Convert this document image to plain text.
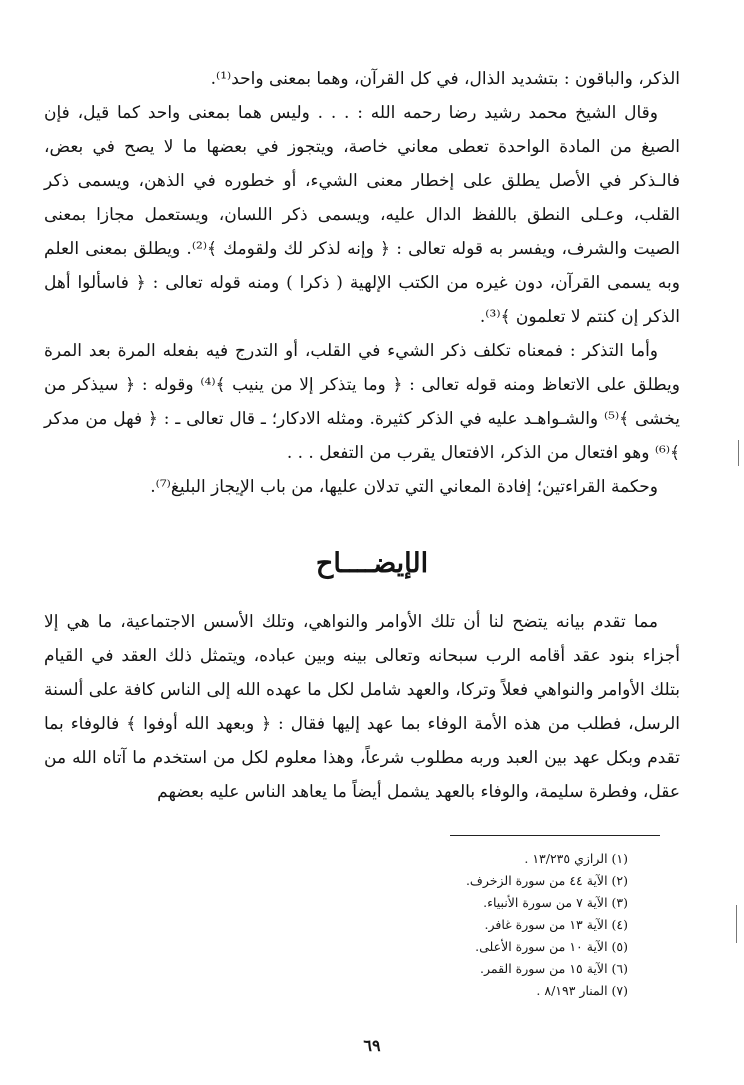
الذكر، والباقون : بتشديد الذال، في كل القرآن، وهما بمعنى واحد⁽¹⁾.

وقال الشيخ محمد رشيد رضا رحمه الله : . . . وليس هما بمعنى واحد كما قيل، فإن الصيغ من المادة الواحدة تعطى معاني خاصة، ويتجوز في بعضها ما لا يصح في بعض، فالـذكر في الأصل يطلق على إخطار معنى الشيء، أو خطوره في الذهن، ويسمى ذكر القلب، وعـلى النطق باللفظ الدال عليه، ويسمى ذكر اللسان، ويستعمل مجازا بمعنى الصيت والشرف، ويفسر به قوله تعالى : ﴿ وإنه لذكر لك ولقومك ﴾⁽²⁾. ويطلق بمعنى العلم وبه يسمى القرآن، دون غيره من الكتب الإلهية ( ذكرا ) ومنه قوله تعالى : ﴿ فاسألوا أهل الذكر إن كنتم لا تعلمون ﴾⁽³⁾.

وأما التذكر : فمعناه تكلف ذكر الشيء في القلب، أو التدرج فيه بفعله المرة بعد المرة ويطلق على الاتعاظ ومنه قوله تعالى : ﴿ وما يتذكر إلا من ينيب ﴾⁽⁴⁾ وقوله : ﴿ سيذكر من يخشى ﴾⁽⁵⁾ والشـواهـد عليه في الذكر كثيرة. ومثله الادكار؛ ـ قال تعالى ـ : ﴿ فهل من مدكر ﴾⁽⁶⁾ وهو افتعال من الذكر، الافتعال يقرب من التفعل . . .

وحكمة القراءتين؛ إفادة المعاني التي تدلان عليها، من باب الإيجاز البليغ⁽⁷⁾.

الإيضــــاح

مما تقدم بيانه يتضح لنا أن تلك الأوامر والنواهي، وتلك الأسس الاجتماعية، ما هي إلا أجزاء بنود عقد أقامه الرب سبحانه وتعالى بينه وبين عباده، ويتمثل ذلك العقد في القيام بتلك الأوامر والنواهي فعلاً وتركا، والعهد شامل لكل ما عهده الله إلى الناس كافة على ألسنة الرسل، فطلب من هذه الأمة الوفاء بما عهد إليها فقال : ﴿ وبعهد الله أوفوا ﴾ فالوفاء بما تقدم وبكل عهد بين العبد وربه مطلوب شرعاً، وهذا معلوم لكل من استخدم ما آتاه الله من عقل، وفطرة سليمة، والوفاء بالعهد يشمل أيضاً ما يعاهد الناس عليه بعضهم

(١) الرازي ١٣/٢٣٥ .

(٢) الآية ٤٤ من سورة الزخرف.

(٣) الآية ٧ من سورة الأنبياء.

(٤) الآية ١٣ من سورة غافر.

(٥) الآية ١٠ من سورة الأعلى.

(٦) الآية ١٥ من سورة القمر.

(٧) المنار ٨/١٩٣ .

٦٩
